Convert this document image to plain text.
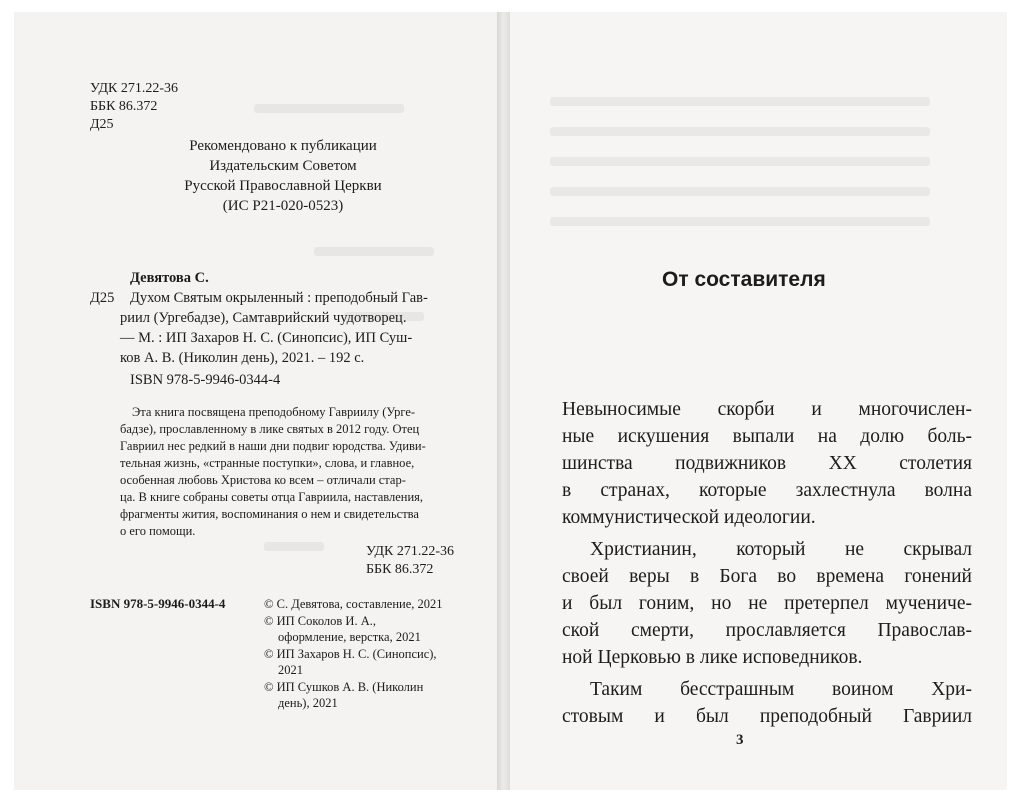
УДК 271.22-36
ББК 86.372
Д25
Рекомендовано к публикации
Издательским Советом
Русской Православной Церкви
(ИС Р21-020-0523)
Девятова С.
Д25 Духом Святым окрыленный : преподобный Гав-
риил (Ургебадзе), Самтаврийский чудотворец.
— М. : ИП Захаров Н. С. (Синопсис), ИП Суш-
ков А. В. (Николин день), 2021. – 192 с.
ISBN 978-5-9946-0344-4
Эта книга посвящена преподобному Гавриилу (Урге-
бадзе), прославленному в лике святых в 2012 году. Отец
Гавриил нес редкий в наши дни подвиг юродства. Удиви-
тельная жизнь, «странные поступки», слова, и главное,
особенная любовь Христова ко всем – отличали стар-
ца. В книге собраны советы отца Гавриила, наставления,
фрагменты жития, воспоминания о нем и свидетельства
о его помощи.
УДК 271.22-36
ББК 86.372
ISBN 978-5-9946-0344-4	© С. Девятова, составление, 2021
© ИП Соколов И. А.,
оформление, верстка, 2021
© ИП Захаров Н. С. (Синопсис),
2021
© ИП Сушков А. В. (Николин
день), 2021
От составителя
Невыносимые скорби и многочислен-
ные искушения выпали на долю боль-
шинства подвижников XX столетия
в странах, которые захлестнула волна
коммунистической идеологии.
Христианин, который не скрывал
своей веры в Бога во времена гонений
и был гоним, но не претерпел мучениче-
ской смерти, прославляется Православ-
ной Церковью в лике исповедников.
Таким бесстрашным воином Хри-
стовым и был преподобный Гавриил
3
